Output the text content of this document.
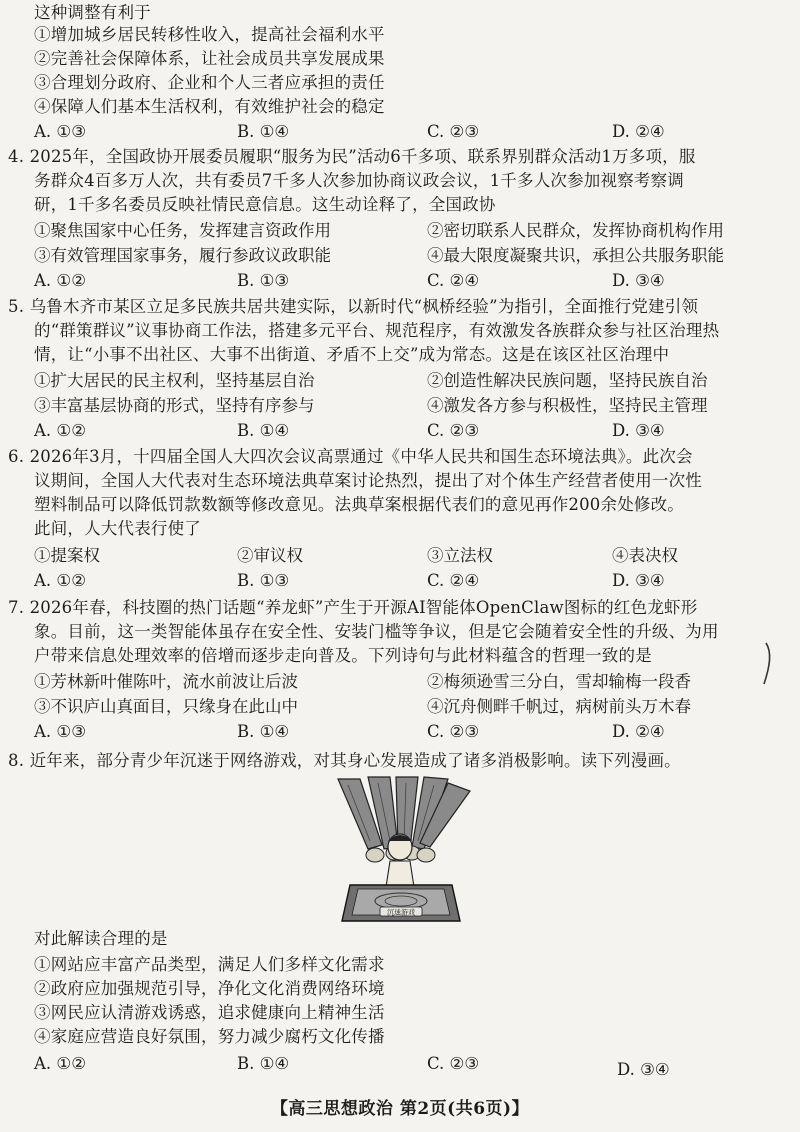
这种调整有利于
①增加城乡居民转移性收入，提高社会福利水平
②完善社会保障体系，让社会成员共享发展成果
③合理划分政府、企业和个人三者应承担的责任
④保障人们基本生活权利，有效维护社会的稳定
A. ①③	B. ①④	C. ②③	D. ②④
4. 2025年，全国政协开展委员履职“服务为民”活动6千多项、联系界别群众活动1万多项，服
务群众4百多万人次，共有委员7千多人次参加协商议政会议，1千多人次参加视察考察调
研，1千多名委员反映社情民意信息。这生动诠释了，全国政协
①聚焦国家中心任务，发挥建言资政作用	②密切联系人民群众，发挥协商机构作用
③有效管理国家事务，履行参政议政职能	④最大限度凝聚共识，承担公共服务职能
A. ①②	B. ①③	C. ②④	D. ③④
5. 乌鲁木齐市某区立足多民族共居共建实际，以新时代“枫桥经验”为指引，全面推行党建引领
的“群策群议”议事协商工作法，搭建多元平台、规范程序，有效激发各族群众参与社区治理热
情，让“小事不出社区、大事不出街道、矛盾不上交”成为常态。这是在该区社区治理中
①扩大居民的民主权利，坚持基层自治	②创造性解决民族问题，坚持民族自治
③丰富基层协商的形式，坚持有序参与	④激发各方参与积极性，坚持民主管理
A. ①②	B. ①④	C. ②③	D. ③④
6. 2026年3月，十四届全国人大四次会议高票通过《中华人民共和国生态环境法典》。此次会
议期间，全国人大代表对生态环境法典草案讨论热烈，提出了对个体生产经营者使用一次性
塑料制品可以降低罚款数额等修改意见。法典草案根据代表们的意见再作200余处修改。
此间，人大代表行使了
①提案权	②审议权	③立法权	④表决权
A. ①②	B. ①③	C. ②④	D. ③④
7. 2026年春，科技圈的热门话题“养龙虾”产生于开源AI智能体OpenClaw图标的红色龙虾形
象。目前，这一类智能体虽存在安全性、安装门槛等争议，但是它会随着安全性的升级、为用
户带来信息处理效率的倍增而逐步走向普及。下列诗句与此材料蕴含的哲理一致的是
①芳林新叶催陈叶，流水前波让后波	②梅须逊雪三分白，雪却输梅一段香
③不识庐山真面目，只缘身在此山中	④沉舟侧畔千帆过，病树前头万木春
A. ①③	B. ①④	C. ②③	D. ②④
8. 近年来，部分青少年沉迷于网络游戏，对其身心发展造成了诸多消极影响。读下列漫画。
沉迷游戏
对此解读合理的是
①网站应丰富产品类型，满足人们多样文化需求
②政府应加强规范引导，净化文化消费网络环境
③网民应认清游戏诱惑，追求健康向上精神生活
④家庭应营造良好氛围，努力减少腐朽文化传播
A. ①②	B. ①④	C. ②③	D. ③④
【高三思想政治 第2页(共6页)】
